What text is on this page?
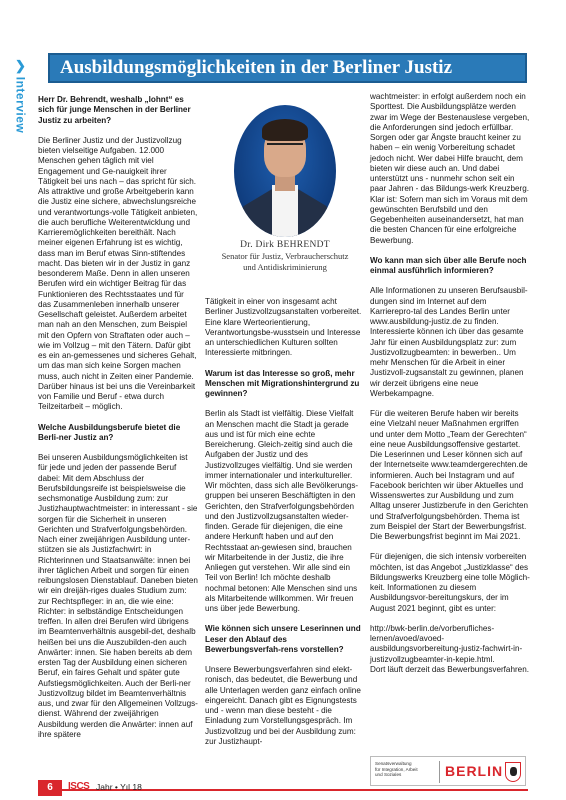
❯
Interview
Ausbildungsmöglichkeiten in der Berliner Justiz

Herr Dr. Behrendt, weshalb „lohnt“ es sich für junge Menschen in der Berliner Justiz zu arbeiten?

Die Berliner Justiz und der Justizvollzug bieten vielseitige Aufgaben. 12.000 Menschen gehen täglich mit viel Engagement und Ge-nauigkeit ihrer Tätigkeit bei uns nach – das spricht für sich. Als attraktive und große Arbeitgeberin kann die Justiz eine sichere, abwechslungsreiche und verantwortungs-volle Tätigkeit anbieten, die auch berufliche Weiterentwicklung und Karrieremöglichkeiten bereithält. Nach meiner eigenen Erfahrung ist es wichtig, dass man im Beruf etwas Sinn-stiftendes macht. Das bieten wir in der Justiz in ganz besonderem Maße. Denn in allen unseren Berufen wird ein wichtiger Beitrag für das Funktionieren des Rechtsstaates und für das Zusammenleben innerhalb unserer Gesellschaft geleistet. Außerdem arbeitet man nah an den Menschen, zum Beispiel mit den Opfern von Straftaten oder auch – wie im Vollzug – mit den Tätern. Dafür gibt es ein an-gemessenes und sicheres Gehalt, um das man sich keine Sorgen machen muss, auch nicht in Zeiten einer Pandemie. Darüber hinaus ist bei uns die Vereinbarkeit von Familie und Beruf - etwa durch Teilzeitarbeit – möglich.

Welche Ausbildungsberufe bietet die Berli-ner Justiz an?

Bei unseren Ausbildungsmöglichkeiten ist für jede und jeden der passende Beruf dabei: Mit dem Abschluss der Berufsbildungsreife ist beispielsweise die sechsmonatige Ausbildung zum: zur Justizhauptwachtmeister: in interessant - sie sorgen für die Sicherheit in unseren Gerichten und Strafverfolgungsbehörden. Nach einer zweijährigen Ausbildung unter-stützen sie als Justizfachwirt: in Richterinnen und Staatsanwälte: innen bei ihrer täglichen Arbeit und sorgen für einen reibungslosen Dienstablauf. Daneben bieten wir ein dreijäh-riges duales Studium zum: zur Rechtspfleger: in an, die wie eine: Richter: in selbständige Entscheidungen treffen. In allen drei Berufen wird übrigens im Beamtenverhältnis ausgebil-det, deshalb heißen bei uns die Auszubilden-den auch Anwärter: innen. Sie haben bereits ab dem ersten Tag der Ausbildung einen sicheren Beruf, ein faires Gehalt und später gute Aufstiegsmöglichkeiten. Auch der Berli-ner Justizvollzug bildet im Beamtenverhältnis aus, und zwar für den Allgemeinen Vollzugs-dienst. Während der zweijährigen Ausbildung werden die Anwärter: innen auf ihre spätere

Dr. Dirk BEHRENDT
Senator für Justiz, Verbraucherschutz
und Antidiskriminierung

Tätigkeit in einer von insgesamt acht Berliner Justizvollzugsanstalten vorbereitet. Eine klare Werteorientierung, Verantwortungsbe-wusstsein und Interesse an unterschiedlichen Kulturen sollten Interessierte mitbringen.

Warum ist das Interesse so groß, mehr Menschen mit Migrationshintergrund zu gewinnen?

Berlin als Stadt ist vielfältig. Diese Vielfalt an Menschen macht die Stadt ja gerade aus und ist für mich eine echte Bereicherung. Gleich-zeitig sind auch die Aufgaben der Justiz und des Justizvollzuges vielfältig. Und sie werden immer internationaler und interkultureller. Wir möchten, dass sich alle Bevölkerungs-gruppen bei unseren Beschäftigten in den Gerichten, den Strafverfolgungsbehörden und den Justizvollzugsanstalten wieder-finden. Gerade für diejenigen, die eine andere Herkunft haben und auf den Rechtsstaat an-gewiesen sind, brauchen wir Mitarbeitende in der Justiz, die ihre Anliegen gut verstehen. Wir alle sind ein Teil von Berlin! Ich möchte deshalb nochmal betonen: Alle Menschen sind uns als Mitarbeitende willkommen. Wir freuen uns über jede Bewerbung.

Wie können sich unsere Leserinnen und Leser den Ablauf des Bewerbungsverfah-rens vorstellen?

Unsere Bewerbungsverfahren sind elekt-ronisch, das bedeutet, die Bewerbung und alle Unterlagen werden ganz einfach online eingereicht. Danach gibt es Eignungstests und - wenn man diese besteht - die Einladung zum Vorstellungsgespräch. Im Justizvollzug und bei der Ausbildung zum: zur Justizhaupt-

wachtmeister: in erfolgt außerdem noch ein Sporttest. Die Ausbildungsplätze werden zwar im Wege der Bestenauslese vergeben, die Anforderungen sind jedoch erfüllbar. Sorgen oder gar Ängste braucht keiner zu haben – ein wenig Vorbereitung schadet jedoch nicht. Wer dabei Hilfe braucht, dem bieten wir diese auch an. Und dabei unterstützt uns - nunmehr schon seit ein paar Jahren - das Bildungs-werk Kreuzberg. Klar ist: Sofern man sich im Voraus mit dem gewünschten Berufsbild und den Gegebenheiten auseinandersetzt, hat man die besten Chancen für eine erfolgreiche Bewerbung.

Wo kann man sich über alle Berufe noch einmal ausführlich informieren?

Alle Informationen zu unseren Berufsausbil-dungen sind im Internet auf dem Karrierepro-tal des Landes Berlin unter www.ausbildung-justiz.de zu finden.
Interessierte können ich über das gesamte Jahr für einen Ausbildungsplatz zur: zum Justizvollzugbeamten: in bewerben.. Um mehr Menschen für die Arbeit in einer Justizvoll-zugsanstalt zu gewinnen, planen wir derzeit übrigens eine neue Werbekampagne.

Für die weiteren Berufe haben wir bereits eine Vielzahl neuer Maßnahmen ergriffen und unter dem Motto „Team der Gerechten“ eine neue Ausbildungsoffensive gestartet. Die Leserinnen und Leser können sich auf der Internetseite www.teamdergerechten.de informieren. Auch bei Instagram und auf Facebook berichten wir über Aktuelles und Wissenswertes zur Ausbildung und zum Alltag unserer Justizberufe in den Gerichten und Strafverfolgungsbehörden. Thema ist zum Beispiel der Start der Bewerbungsfrist. Die Bewerbungsfrist beginnt im Mai 2021.

Für diejenigen, die sich intensiv vorbereiten möchten, ist das Angebot „Justizklasse“ des Bildungswerks Kreuzberg eine tolle Möglich-keit. Informationen zu diesem Ausbildungsvor-bereitungskurs, der im August 2021 beginnt, gibt es unter:

http://bwk-berlin.de/vorberufliches-lernen/avoed/avoed-ausbildungsvorbereitung-justiz-fachwirt-in-justizvollzugbeamter-in-kepie.html.
Dort läuft derzeit das Bewerbungsverfahren.

Senatsverwaltung
für Integration, Arbeit
und Soziales	BERLIN
6	ISCS Jahr • Yıl 18
